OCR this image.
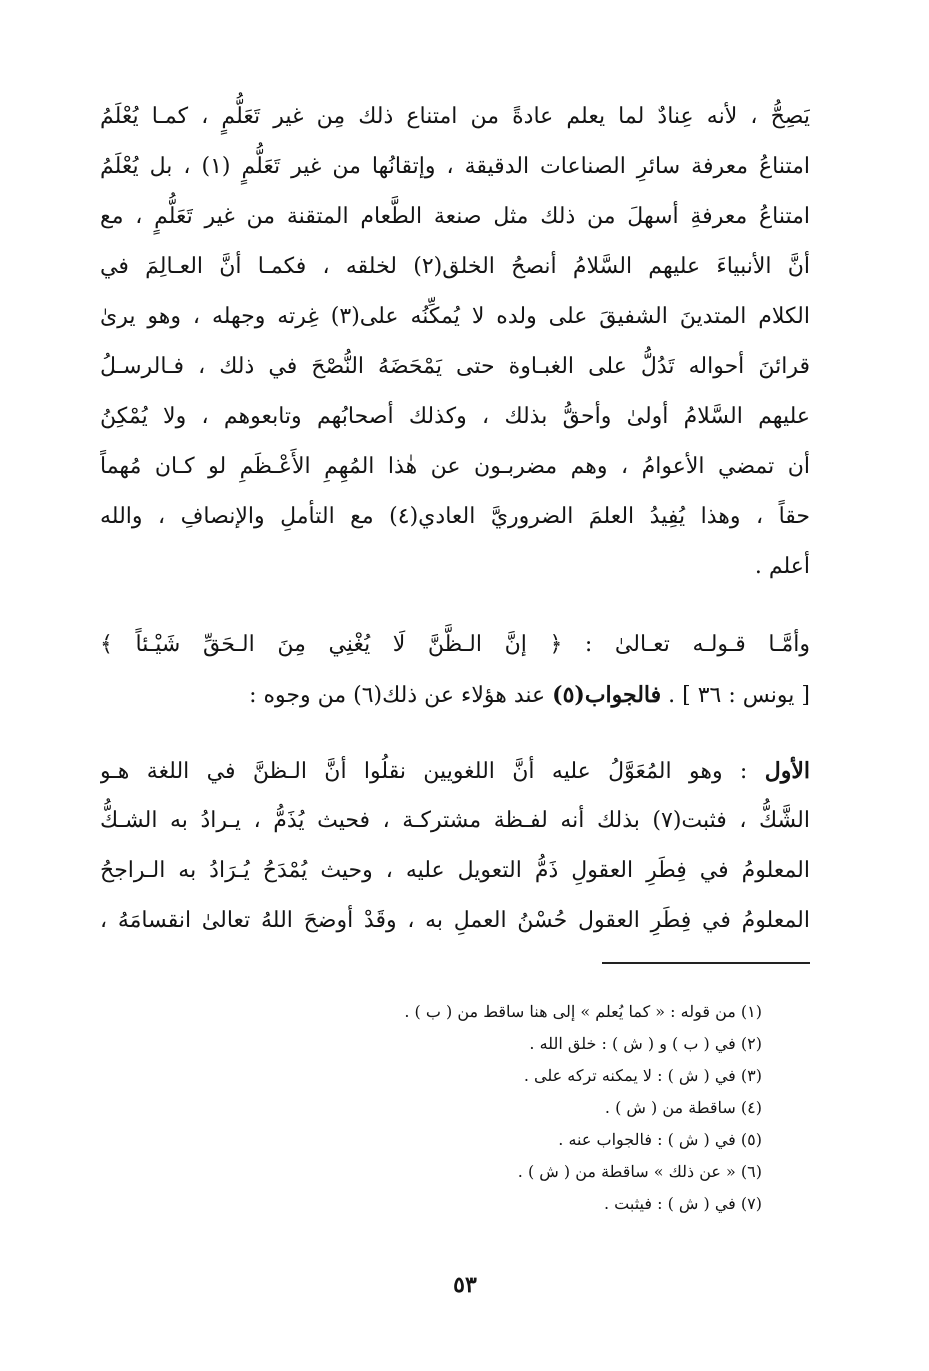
يَصِحُّ ، لأنه عِنادٌ لما يعلم عادةً من امتناع ذلك مِن غير تَعَلُّمٍ ، كمـا يُعْلَمُ
امتناعُ معرفة سائرِ الصناعات الدقيقة ، وإتقانُها من غير تَعَلُّمٍ (١) ، بل يُعْلَمُ
امتناعُ معرفةِ أسهلَ من ذلك مثل صنعة الطَّعام المتقنة من غير تَعَلُّمٍ ، مع
أنَّ الأنبياءَ عليهم السَّلامُ أنصحُ الخلق(٢) لخلقه ، فكمـا أنَّ العـالِمَ في
الكلام المتدينَ الشفيقَ على ولده لا يُمكِّنُه على(٣) غِرته وجهله ، وهو يرىٰ
قرائنَ أحواله تَدُلُّ على الغبـاوة حتى يَمْحَضَهُ النُّصْحَ في ذلك ، فـالرسـلُ
عليهم السَّلامُ أولىٰ وأحقُّ بذلك ، وكذلك أصحابُهم وتابعوهم ، ولا يُمْكِنُ
أن تمضي الأعوامُ ، وهم مضربـون عن هٰذا المُهِمِ الأَعْـظَمِ لو كـان مُهماً
حقاً ، وهذا يُفِيدُ العلمَ الضروريَّ العادي(٤) مع التأملِ والإنصافِ ، والله
أعلم .
وأمَّـا قـولـه تعـالىٰ : ﴿ إنَّ الـظَّنَّ لَا يُغْنِي مِنَ الـحَقِّ شَيْـئاً ﴾
[ يونس : ٣٦ ] . فالجواب(٥) عند هؤلاء عن ذلك(٦) من وجوه :
الأول : وهو المُعَوَّلُ عليه أنَّ اللغويين نقلُوا أنَّ الـظنَّ في اللغة هـو
الشَّكُّ ، فثبت(٧) بذلك أنه لفـظة مشتركـة ، فحيث يُذَمُّ ، يـرادُ به الشـكُّ
المعلومُ في فِطَرِ العقولِ ذَمُّ التعويل عليه ، وحيث يُمْدَحُ يُـرَادُ به الـراجحُ
المعلومُ في فِطَرِ العقول حُسْنُ العملِ به ، وقَدْ أوضحَ اللهُ تعالىٰ انقسامَهُ ،
(١) من قوله : « كما يُعلم » إلى هنا ساقط من ( ب ) .
(٢) في ( ب ) و ( ش ) : خلق الله .
(٣) في ( ش ) : لا يمكنه تركه على .
(٤) ساقطة من ( ش ) .
(٥) في ( ش ) : فالجواب عنه .
(٦) « عن ذلك » ساقطة من ( ش ) .
(٧) في ( ش ) : فيثبت .
٥٣
